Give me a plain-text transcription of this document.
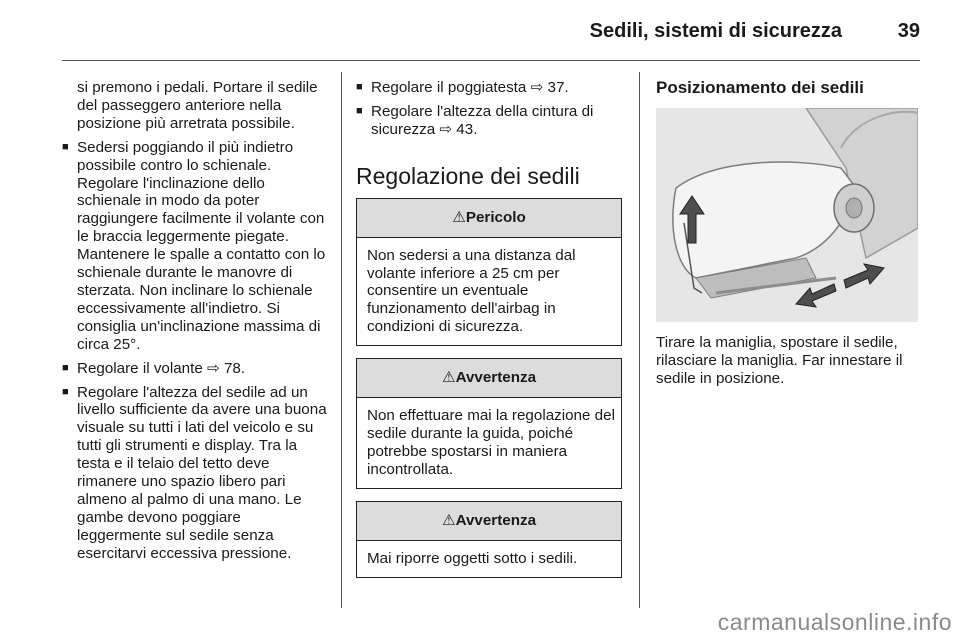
Sedili, sistemi di sicurezza	39

si premono i pedali. Portare il sedile del passeggero anteriore nella posizione più arretrata possibile.

■ Sedersi poggiando il più indietro possibile contro lo schienale. Regolare l'inclinazione dello schienale in modo da poter raggiungere facilmente il volante con le braccia leggermente piegate. Mantenere le spalle a contatto con lo schienale durante le manovre di sterzata. Non inclinare lo schienale eccessivamente all'indietro. Si consiglia un'inclinazione massima di circa 25°.

■ Regolare il volante ⇨ 78.

■ Regolare l'altezza del sedile ad un livello sufficiente da avere una buona visuale su tutti i lati del veicolo e su tutti gli strumenti e display. Tra la testa e il telaio del tetto deve rimanere uno spazio libero pari almeno al palmo di una mano. Le gambe devono poggiare leggermente sul sedile senza esercitarvi eccessiva pressione.

■ Regolare il poggiatesta ⇨ 37.

■ Regolare l'altezza della cintura di sicurezza ⇨ 43.

Regolazione dei sedili
⚠Pericolo
Non sedersi a una distanza dal volante inferiore a 25 cm per consentire un eventuale funzionamento dell'airbag in condizioni di sicurezza.
⚠Avvertenza
Non effettuare mai la regolazione del sedile durante la guida, poiché potrebbe spostarsi in maniera incontrollata.
⚠Avvertenza
Mai riporre oggetti sotto i sedili.
Posizionamento dei sedili

Tirare la maniglia, spostare il sedile, rilasciare la maniglia. Far innestare il sedile in posizione.

carmanualsonline.info
